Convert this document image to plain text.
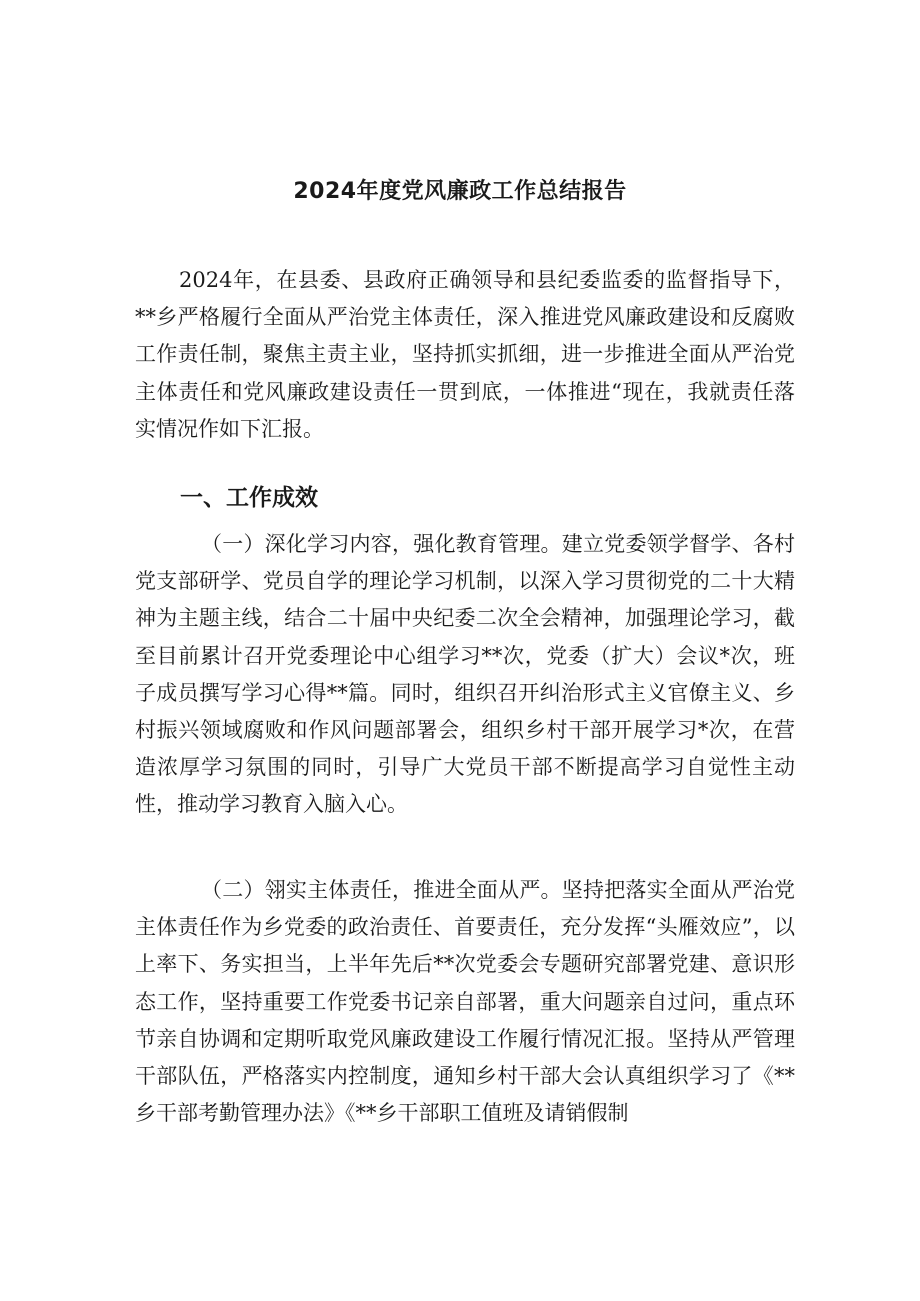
2024年度党风廉政工作总结报告

2024年，在县委、县政府正确领导和县纪委监委的监督指导下，**乡严格履行全面从严治党主体责任，深入推进党风廉政建设和反腐败工作责任制，聚焦主责主业，坚持抓实抓细，进一步推进全面从严治党主体责任和党风廉政建设责任一贯到底，一体推进“现在，我就责任落实情况作如下汇报。

一、工作成效

（一）深化学习内容，强化教育管理。建立党委领学督学、各村党支部研学、党员自学的理论学习机制，以深入学习贯彻党的二十大精神为主题主线，结合二十届中央纪委二次全会精神，加强理论学习，截至目前累计召开党委理论中心组学习**次，党委（扩大）会议*次，班子成员撰写学习心得**篇。同时，组织召开纠治形式主义官僚主义、乡村振兴领域腐败和作风问题部署会，组织乡村干部开展学习*次，在营造浓厚学习氛围的同时，引导广大党员干部不断提高学习自觉性主动性，推动学习教育入脑入心。

（二）翎实主体责任，推进全面从严。坚持把落实全面从严治党主体责任作为乡党委的政治责任、首要责任，充分发挥“头雁效应”，以上率下、务实担当，上半年先后**次党委会专题研究部署党建、意识形态工作，坚持重要工作党委书记亲自部署，重大问题亲自过问，重点环节亲自协调和定期听取党风廉政建设工作履行情况汇报。坚持从严管理干部队伍，严格落实内控制度，通知乡村干部大会认真组织学习了《**乡干部考勤管理办法》《**乡干部职工值班及请销假制
